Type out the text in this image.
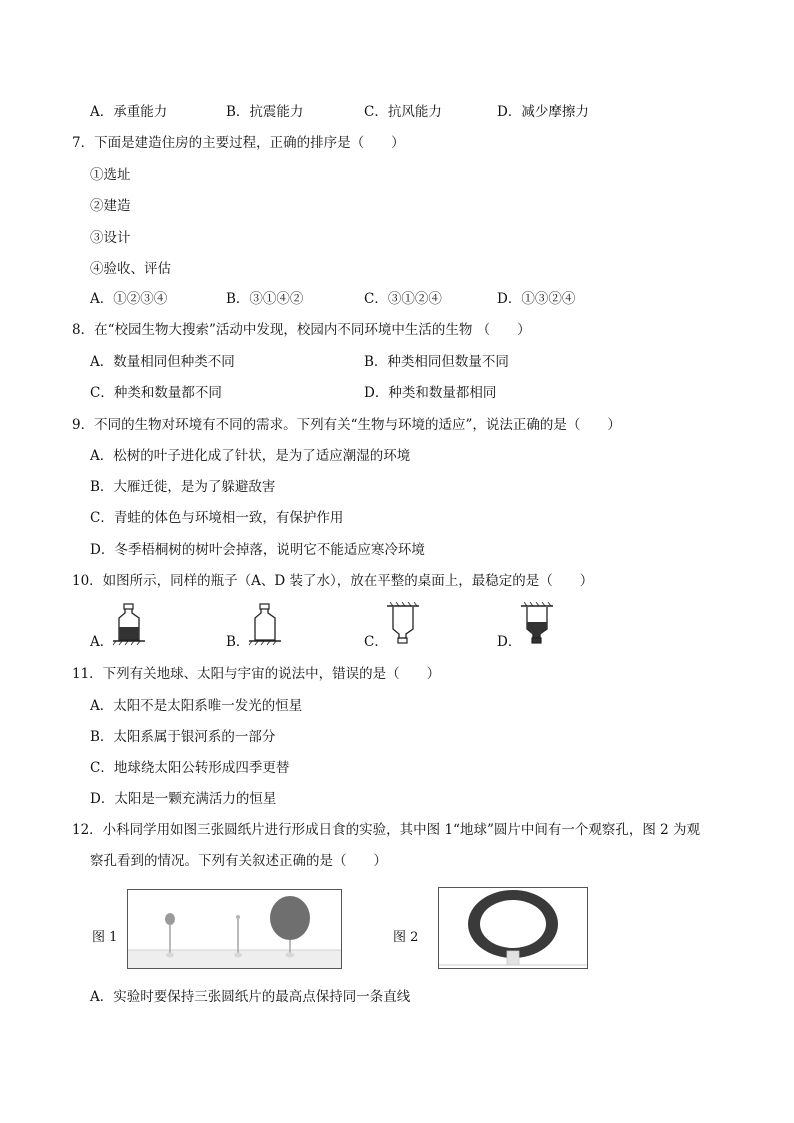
A．承重能力	B．抗震能力	C．抗风能力	D．减少摩擦力
7．下面是建造住房的主要过程，正确的排序是（　　）
①选址
②建造
③设计
④验收、评估
A．①②③④	B．③①④②	C．③①②④	D．①③②④
8．在“校园生物大搜索”活动中发现，校园内不同环境中生活的生物 （　　）
A．数量相同但种类不同	B．种类相同但数量不同
C．种类和数量都不同	D．种类和数量都相同
9．不同的生物对环境有不同的需求。下列有关“生物与环境的适应”，说法正确的是（　　）
A．松树的叶子进化成了针状，是为了适应潮湿的环境
B．大雁迁徙，是为了躲避敌害
C．青蛙的体色与环境相一致，有保护作用
D．冬季梧桐树的树叶会掉落，说明它不能适应寒冷环境
10．如图所示，同样的瓶子（A、D 装了水），放在平整的桌面上，最稳定的是（　　）
A．	B．	C．	D．
11．下列有关地球、太阳与宇宙的说法中，错误的是（　　）
A．太阳不是太阳系唯一发光的恒星
B．太阳系属于银河系的一部分
C．地球绕太阳公转形成四季更替
D．太阳是一颗充满活力的恒星
12．小科同学用如图三张圆纸片进行形成日食的实验，其中图 1“地球”圆片中间有一个观察孔，图 2 为观
察孔看到的情况。下列有关叙述正确的是（　　）
图 1	图 2
A．实验时要保持三张圆纸片的最高点保持同一条直线
